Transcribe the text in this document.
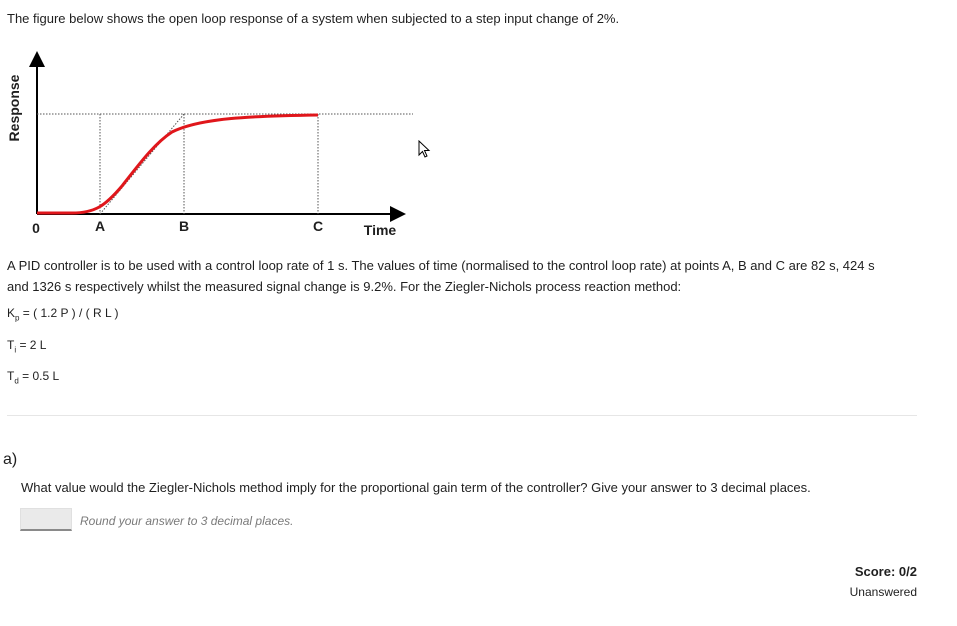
The figure below shows the open loop response of a system when subjected to a step input change of 2%.
Response
0	A	B	C	Time
A PID controller is to be used with a control loop rate of 1 s. The values of time (normalised to the control loop rate) at points A, B and C are 82 s, 424 s
and 1326 s respectively whilst the measured signal change is 9.2%. For the Ziegler-Nichols process reaction method:
$K_p$ = ( 1.2 P ) / ( R L )
$T_i = 2$ L
$T_d = 0.5$ L
a)
What value would the Ziegler-Nichols method imply for the proportional gain term of the controller? Give your answer to 3 decimal places.
Round your answer to 3 decimal places.
Score: 0/2
Unanswered
